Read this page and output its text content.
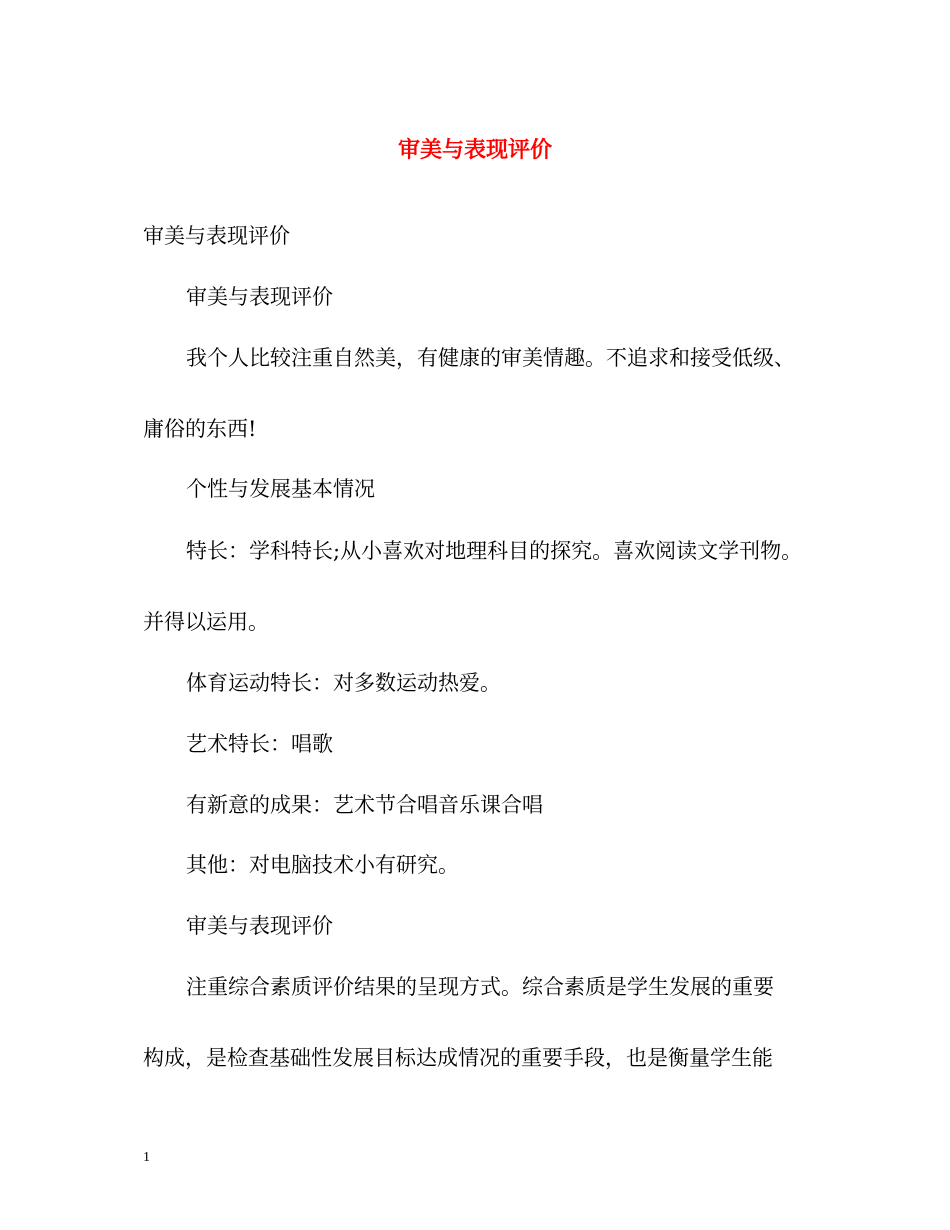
审美与表现评价
审美与表现评价
审美与表现评价
我个人比较注重自然美，有健康的审美情趣。不追求和接受低级、
庸俗的东西!
个性与发展基本情况
特长：学科特长;从小喜欢对地理科目的探究。喜欢阅读文学刊物。
并得以运用。
体育运动特长：对多数运动热爱。
艺术特长：唱歌
有新意的成果：艺术节合唱音乐课合唱
其他：对电脑技术小有研究。
审美与表现评价
注重综合素质评价结果的呈现方式。综合素质是学生发展的重要
构成，是检查基础性发展目标达成情况的重要手段，也是衡量学生能
1
